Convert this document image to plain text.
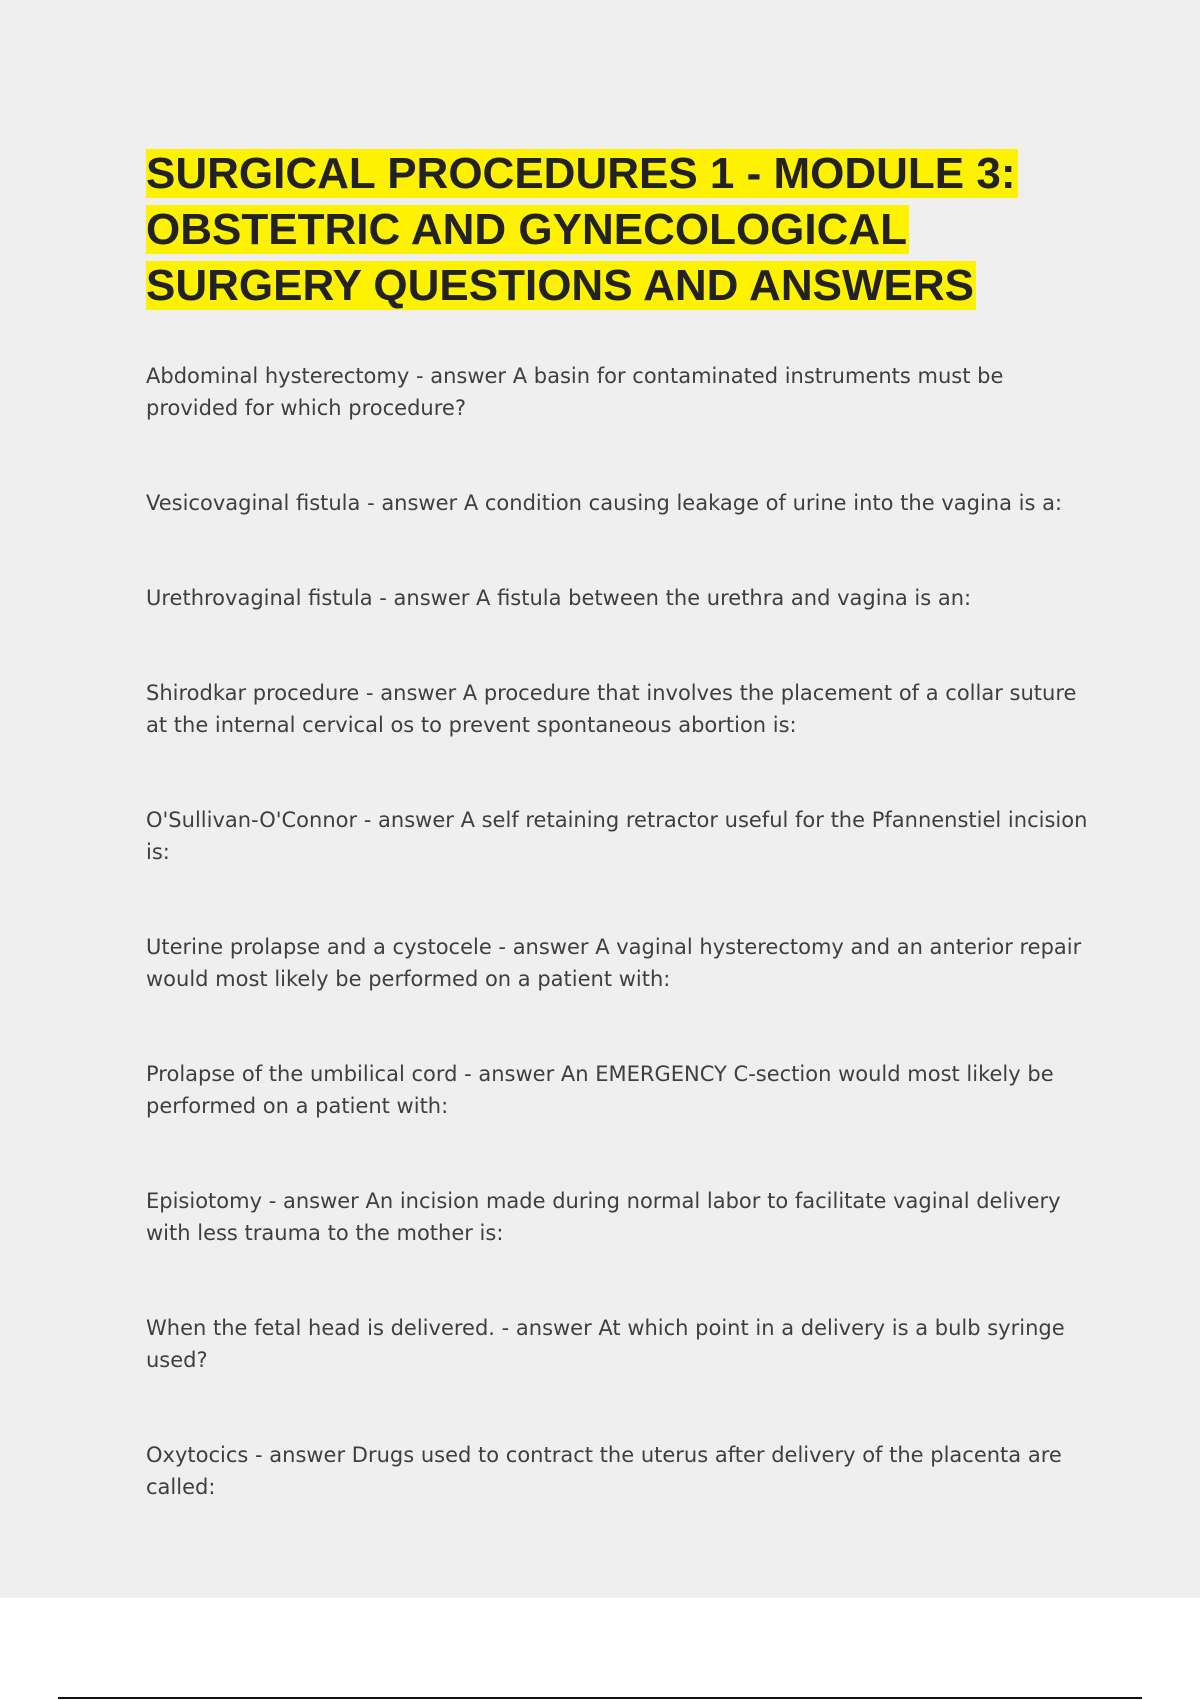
SURGICAL PROCEDURES 1 - MODULE 3: OBSTETRIC AND GYNECOLOGICAL SURGERY QUESTIONS AND ANSWERS

Abdominal hysterectomy - answer A basin for contaminated instruments must be provided for which procedure?

Vesicovaginal fistula - answer A condition causing leakage of urine into the vagina is a:

Urethrovaginal fistula - answer A fistula between the urethra and vagina is an:

Shirodkar procedure - answer A procedure that involves the placement of a collar suture at the internal cervical os to prevent spontaneous abortion is:

O'Sullivan-O'Connor - answer A self retaining retractor useful for the Pfannenstiel incision is:

Uterine prolapse and a cystocele - answer A vaginal hysterectomy and an anterior repair would most likely be performed on a patient with:

Prolapse of the umbilical cord - answer An EMERGENCY C-section would most likely be performed on a patient with:

Episiotomy - answer An incision made during normal labor to facilitate vaginal delivery with less trauma to the mother is:

When the fetal head is delivered. - answer At which point in a delivery is a bulb syringe used?

Oxytocics - answer Drugs used to contract the uterus after delivery of the placenta are called:
